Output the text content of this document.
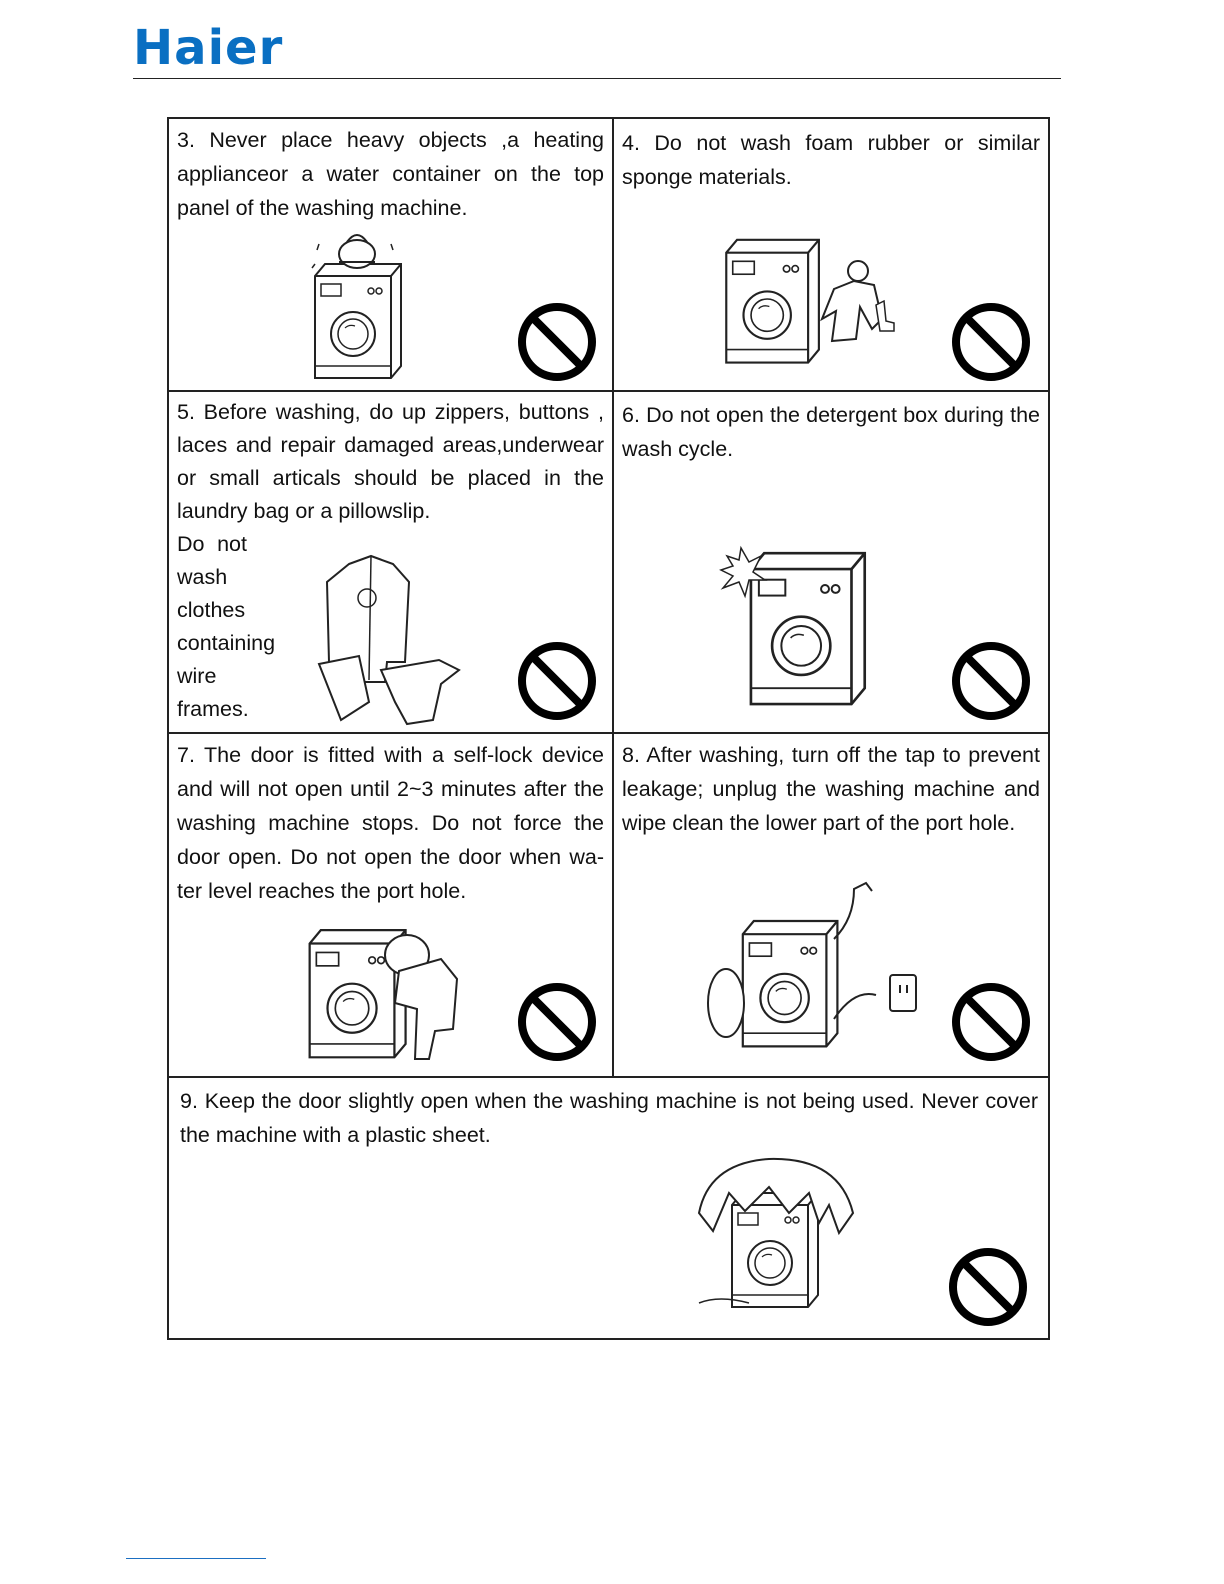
Haier

3. Never place heavy objects ,a heating applianceor a water container on the top panel of the washing machine.	4. Do not wash foam rubber or similar sponge materials.

5. Before washing, do up zippers, buttons , laces and repair damaged areas,underwear or small articals should be placed in the laundry bag or a pillowslip.

Do not wash clothes containing wire frames.	6. Do not open the detergent box during the wash cycle.

7. The door is fitted with a self-lock device and will not open until 2~3 minutes after the washing machine stops. Do not force the door open. Do not open the door when wa-ter level reaches the port hole.	8. After washing, turn off the tap to prevent leakage; unplug the washing machine and wipe clean the lower part of the port hole.

9. Keep the door slightly open when the washing machine is not being used. Never cover the machine with a plastic sheet.	
